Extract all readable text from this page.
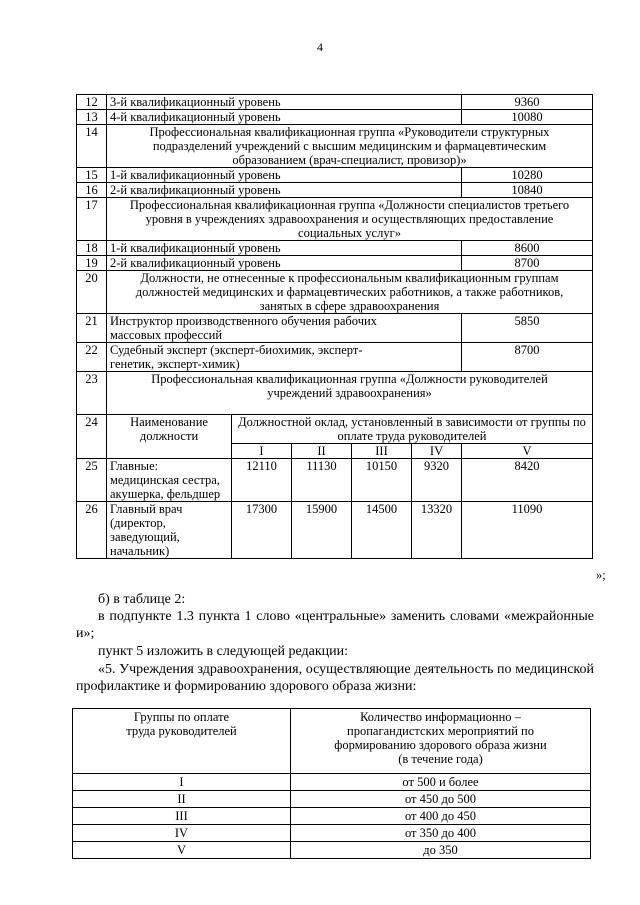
4
12	3-й квалификационный уровень					9360
13	4-й квалификационный уровень					10080
14	Профессиональная квалификационная группа «Руководители структурных подразделений учреждений с высшим медицинским и фармацевтическим образованием (врач-специалист, провизор)»					
15	1-й квалификационный уровень					10280
16	2-й квалификационный уровень					10840
17	Профессиональная квалификационная группа «Должности специалистов третьего уровня в учреждениях здравоохранения и осуществляющих предоставление социальных услуг»					
18	1-й квалификационный уровень					8600
19	2-й квалификационный уровень					8700
20	Должности, не отнесенные к профессиональным квалификационным группам должностей медицинских и фармацевтических работников, а также работников, занятых в сфере здравоохранения					
21	Инструктор производственного обучения рабочих массовых профессий					5850
22	Судебный эксперт (эксперт-биохимик, эксперт-генетик, эксперт-химик)					8700
23	Профессиональная квалификационная группа «Должности руководителей учреждений здравоохранения»					
24	Наименование должности	Должностной оклад, установленный в зависимости от группы по оплате труда руководителей				
		I	II	III	IV	V
25	Главные: медицинская сестра, акушерка, фельдшер	12110	11130	10150	9320	8420
26	Главный врач (директор, заведующий, начальник)	17300	15900	14500	13320	11090
»;
б) в таблице 2:
в подпункте 1.3 пункта 1 слово «центральные» заменить словами «межрайонные и»;
пункт 5 изложить в следующей редакции:
«5. Учреждения здравоохранения, осуществляющие деятельность по медицинской профилактике и формированию здорового образа жизни:
Группы по оплате труда руководителей	Количество информационно – пропагандистских мероприятий по формированию здорового образа жизни (в течение года)
I	от 500 и более
II	от 450 до 500
III	от 400 до 450
IV	от 350 до 400
V	до 350
